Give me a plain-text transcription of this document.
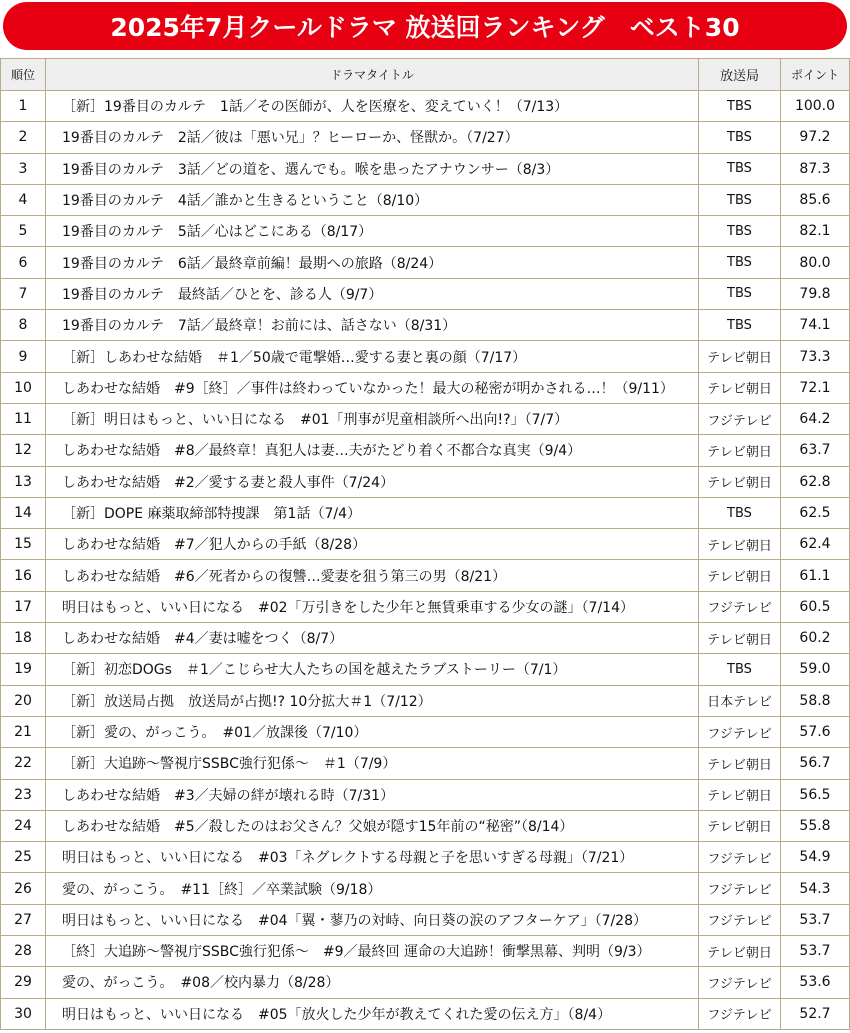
2025年7月クールドラマ 放送回ランキング　ベスト30
順位	ドラマタイトル	放送局	ポイント
1	［新］19番目のカルテ　1話／その医師が、人を医療を、変えていく！（7/13）	TBS	100.0
2	19番目のカルテ　2話／彼は「悪い兄」？ヒーローか、怪獣か。（7/27）	TBS	97.2
3	19番目のカルテ　3話／どの道を、選んでも。喉を患ったアナウンサー（8/3）	TBS	87.3
4	19番目のカルテ　4話／誰かと生きるということ（8/10）	TBS	85.6
5	19番目のカルテ　5話／心はどこにある（8/17）	TBS	82.1
6	19番目のカルテ　6話／最終章前編！最期への旅路（8/24）	TBS	80.0
7	19番目のカルテ　最終話／ひとを、診る人（9/7）	TBS	79.8
8	19番目のカルテ　7話／最終章！お前には、話さない（8/31）	TBS	74.1
9	［新］しあわせな結婚　＃1／50歳で電撃婚…愛する妻と裏の顔（7/17）	テレビ朝日	73.3
10	しあわせな結婚　#9［終］／事件は終わっていなかった！最大の秘密が明かされる…！（9/11）	テレビ朝日	72.1
11	［新］明日はもっと、いい日になる　#01「刑事が児童相談所へ出向!?」（7/7）	フジテレビ	64.2
12	しあわせな結婚　#8／最終章！真犯人は妻…夫がたどり着く不都合な真実（9/4）	テレビ朝日	63.7
13	しあわせな結婚　#2／愛する妻と殺人事件（7/24）	テレビ朝日	62.8
14	［新］DOPE 麻薬取締部特捜課　第1話（7/4）	TBS	62.5
15	しあわせな結婚　#7／犯人からの手紙（8/28）	テレビ朝日	62.4
16	しあわせな結婚　#6／死者からの復讐…愛妻を狙う第三の男（8/21）	テレビ朝日	61.1
17	明日はもっと、いい日になる　#02「万引きをした少年と無賃乗車する少女の謎」（7/14）	フジテレビ	60.5
18	しあわせな結婚　#4／妻は嘘をつく（8/7）	テレビ朝日	60.2
19	［新］初恋DOGs　＃1／こじらせ大人たちの国を越えたラブストーリー（7/1）	TBS	59.0
20	［新］放送局占拠　放送局が占拠!? 10分拡大＃1（7/12）	日本テレビ	58.8
21	［新］愛の、がっこう。　#01／放課後（7/10）	フジテレビ	57.6
22	［新］大追跡～警視庁SSBC強行犯係～　＃1（7/9）	テレビ朝日	56.7
23	しあわせな結婚　#3／夫婦の絆が壊れる時（7/31）	テレビ朝日	56.5
24	しあわせな結婚　#5／殺したのはお父さん？父娘が隠す15年前の“秘密”（8/14）	テレビ朝日	55.8
25	明日はもっと、いい日になる　#03「ネグレクトする母親と子を思いすぎる母親」（7/21）	フジテレビ	54.9
26	愛の、がっこう。　#11［終］／卒業試験（9/18）	フジテレビ	54.3
27	明日はもっと、いい日になる　#04「翼・蓼乃の対峙、向日葵の涙のアフターケア」（7/28）	フジテレビ	53.7
28	［終］大追跡～警視庁SSBC強行犯係～　#9／最終回 運命の大追跡！衝撃黒幕、判明（9/3）	テレビ朝日	53.7
29	愛の、がっこう。　#08／校内暴力（8/28）	フジテレビ	53.6
30	明日はもっと、いい日になる　#05「放火した少年が教えてくれた愛の伝え方」（8/4）	フジテレビ	52.7
